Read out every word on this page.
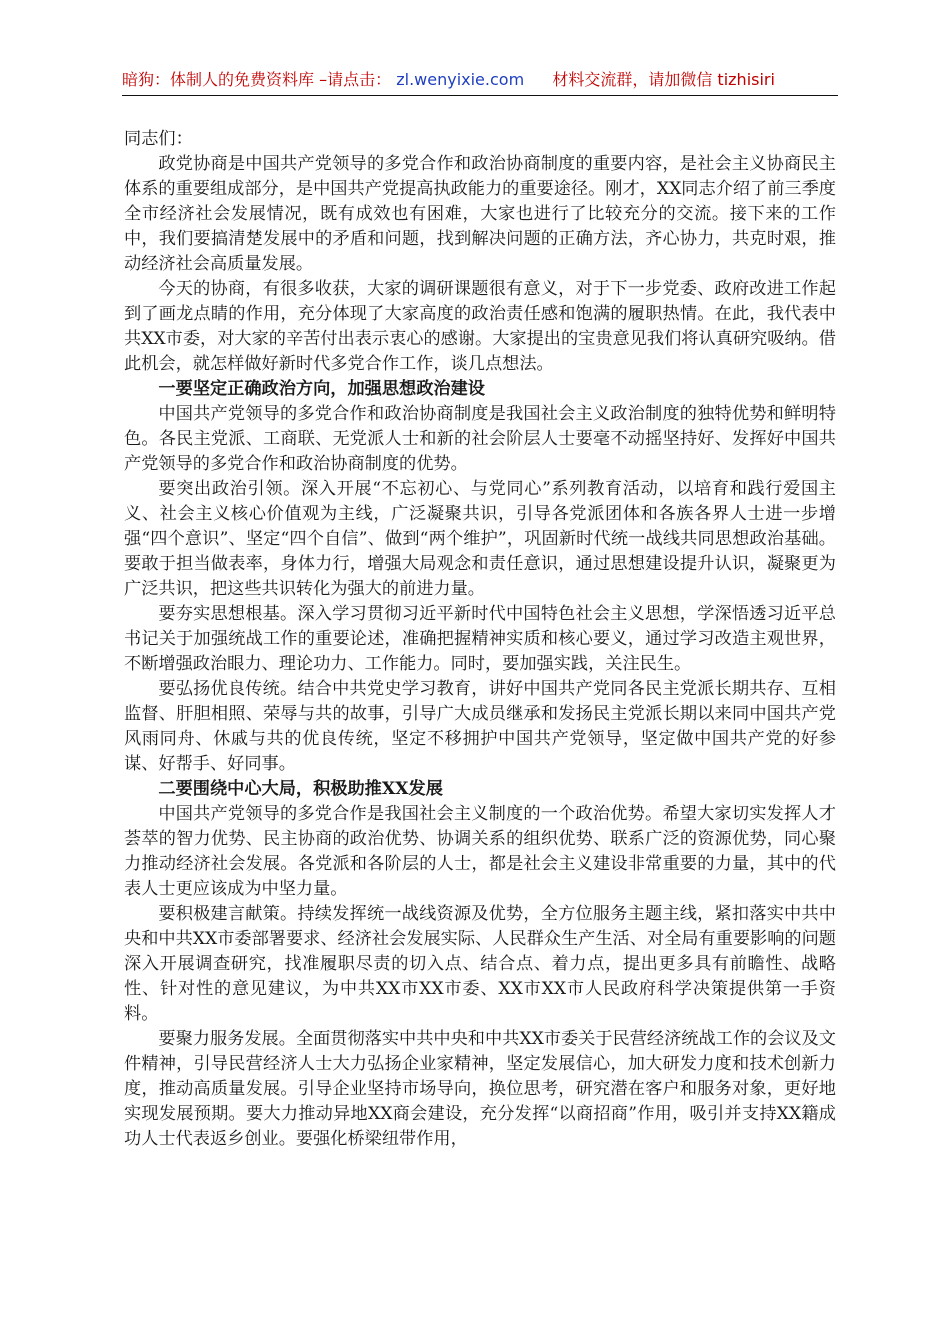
暗狗：体制人的免费资料库 –请点击： zl.wenyixie.com 材料交流群，请加微信 tizhisiri

同志们：

政党协商是中国共产党领导的多党合作和政治协商制度的重要内容，是社会主义协商民主体系的重要组成部分，是中国共产党提高执政能力的重要途径。刚才，XX同志介绍了前三季度全市经济社会发展情况，既有成效也有困难，大家也进行了比较充分的交流。接下来的工作中，我们要搞清楚发展中的矛盾和问题，找到解决问题的正确方法，齐心协力，共克时艰，推动经济社会高质量发展。

今天的协商，有很多收获，大家的调研课题很有意义，对于下一步党委、政府改进工作起到了画龙点睛的作用，充分体现了大家高度的政治责任感和饱满的履职热情。在此，我代表中共XX市委，对大家的辛苦付出表示衷心的感谢。大家提出的宝贵意见我们将认真研究吸纳。借此机会，就怎样做好新时代多党合作工作，谈几点想法。

一要坚定正确政治方向，加强思想政治建设

中国共产党领导的多党合作和政治协商制度是我国社会主义政治制度的独特优势和鲜明特色。各民主党派、工商联、无党派人士和新的社会阶层人士要毫不动摇坚持好、发挥好中国共产党领导的多党合作和政治协商制度的优势。

要突出政治引领。深入开展“不忘初心、与党同心”系列教育活动，以培育和践行爱国主义、社会主义核心价值观为主线，广泛凝聚共识，引导各党派团体和各族各界人士进一步增强“四个意识”、坚定“四个自信”、做到“两个维护”，巩固新时代统一战线共同思想政治基础。要敢于担当做表率，身体力行，增强大局观念和责任意识，通过思想建设提升认识，凝聚更为广泛共识，把这些共识转化为强大的前进力量。

要夯实思想根基。深入学习贯彻习近平新时代中国特色社会主义思想，学深悟透习近平总书记关于加强统战工作的重要论述，准确把握精神实质和核心要义，通过学习改造主观世界，不断增强政治眼力、理论功力、工作能力。同时，要加强实践，关注民生。

要弘扬优良传统。结合中共党史学习教育，讲好中国共产党同各民主党派长期共存、互相监督、肝胆相照、荣辱与共的故事，引导广大成员继承和发扬民主党派长期以来同中国共产党风雨同舟、休戚与共的优良传统，坚定不移拥护中国共产党领导，坚定做中国共产党的好参谋、好帮手、好同事。

二要围绕中心大局，积极助推XX发展

中国共产党领导的多党合作是我国社会主义制度的一个政治优势。希望大家切实发挥人才荟萃的智力优势、民主协商的政治优势、协调关系的组织优势、联系广泛的资源优势，同心聚力推动经济社会发展。各党派和各阶层的人士，都是社会主义建设非常重要的力量，其中的代表人士更应该成为中坚力量。

要积极建言献策。持续发挥统一战线资源及优势，全方位服务主题主线，紧扣落实中共中央和中共XX市委部署要求、经济社会发展实际、人民群众生产生活、对全局有重要影响的问题深入开展调查研究，找准履职尽责的切入点、结合点、着力点，提出更多具有前瞻性、战略性、针对性的意见建议，为中共XX市XX市委、XX市XX市人民政府科学决策提供第一手资料。

要聚力服务发展。全面贯彻落实中共中央和中共XX市委关于民营经济统战工作的会议及文件精神，引导民营经济人士大力弘扬企业家精神，坚定发展信心，加大研发力度和技术创新力度，推动高质量发展。引导企业坚持市场导向，换位思考，研究潜在客户和服务对象，更好地实现发展预期。要大力推动异地XX商会建设，充分发挥“以商招商”作用，吸引并支持XX籍成功人士代表返乡创业。要强化桥梁纽带作用，
